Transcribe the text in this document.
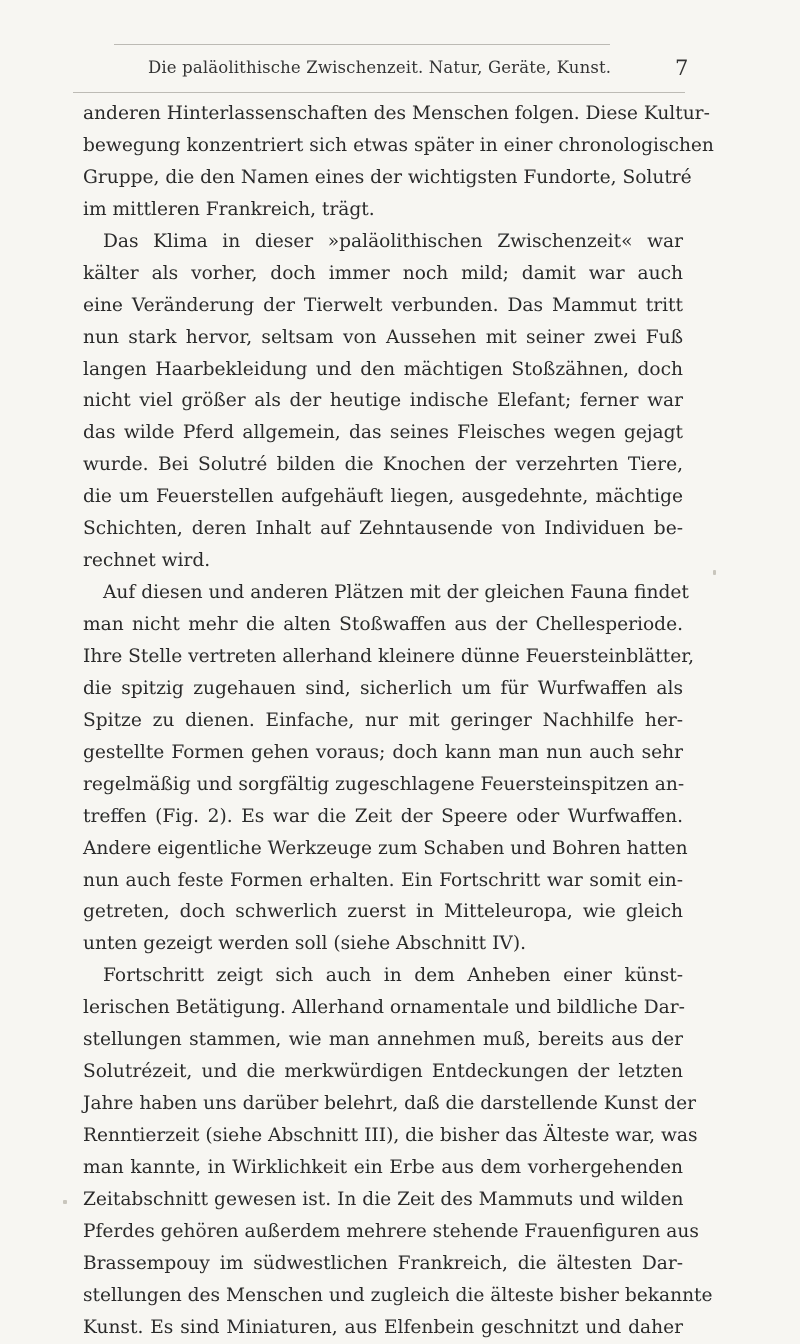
Die paläolithische Zwischenzeit. Natur, Geräte, Kunst.	7
anderen Hinterlassenschaften des Menschen folgen. Diese Kultur-
bewegung konzentriert sich etwas später in einer chronologischen
Gruppe, die den Namen eines der wichtigsten Fundorte, Solutré
im mittleren Frankreich, trägt.
Das Klima in dieser »paläolithischen Zwischenzeit« war
kälter als vorher, doch immer noch mild; damit war auch
eine Veränderung der Tierwelt verbunden. Das Mammut tritt
nun stark hervor, seltsam von Aussehen mit seiner zwei Fuß
langen Haarbekleidung und den mächtigen Stoßzähnen, doch
nicht viel größer als der heutige indische Elefant; ferner war
das wilde Pferd allgemein, das seines Fleisches wegen gejagt
wurde. Bei Solutré bilden die Knochen der verzehrten Tiere,
die um Feuerstellen aufgehäuft liegen, ausgedehnte, mächtige
Schichten, deren Inhalt auf Zehntausende von Individuen be-
rechnet wird.
Auf diesen und anderen Plätzen mit der gleichen Fauna findet
man nicht mehr die alten Stoßwaffen aus der Chellesperiode.
Ihre Stelle vertreten allerhand kleinere dünne Feuersteinblätter,
die spitzig zugehauen sind, sicherlich um für Wurfwaffen als
Spitze zu dienen. Einfache, nur mit geringer Nachhilfe her-
gestellte Formen gehen voraus; doch kann man nun auch sehr
regelmäßig und sorgfältig zugeschlagene Feuersteinspitzen an-
treffen (Fig. 2). Es war die Zeit der Speere oder Wurfwaffen.
Andere eigentliche Werkzeuge zum Schaben und Bohren hatten
nun auch feste Formen erhalten. Ein Fortschritt war somit ein-
getreten, doch schwerlich zuerst in Mitteleuropa, wie gleich
unten gezeigt werden soll (siehe Abschnitt IV).
Fortschritt zeigt sich auch in dem Anheben einer künst-
lerischen Betätigung. Allerhand ornamentale und bildliche Dar-
stellungen stammen, wie man annehmen muß, bereits aus der
Solutrézeit, und die merkwürdigen Entdeckungen der letzten
Jahre haben uns darüber belehrt, daß die darstellende Kunst der
Renntierzeit (siehe Abschnitt III), die bisher das Älteste war, was
man kannte, in Wirklichkeit ein Erbe aus dem vorhergehenden
Zeitabschnitt gewesen ist. In die Zeit des Mammuts und wilden
Pferdes gehören außerdem mehrere stehende Frauenfiguren aus
Brassempouy im südwestlichen Frankreich, die ältesten Dar-
stellungen des Menschen und zugleich die älteste bisher bekannte
Kunst. Es sind Miniaturen, aus Elfenbein geschnitzt und daher
